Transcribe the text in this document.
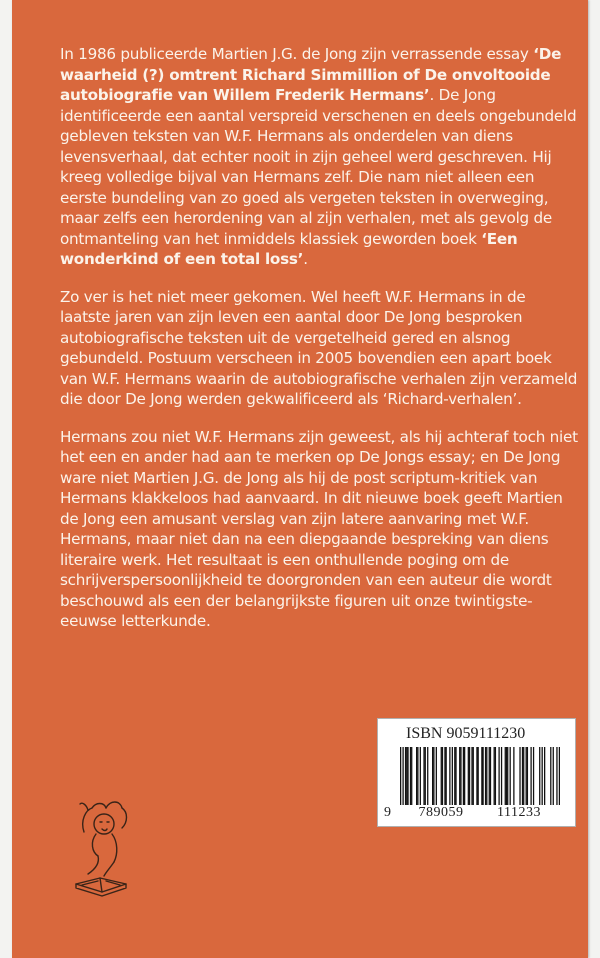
In 1986 publiceerde Martien J.G. de Jong zijn verrassende essay ‘De waarheid (?) omtrent Richard Simmillion of De onvoltooide autobiografie van Willem Frederik Hermans’. De Jong identificeerde een aantal verspreid verschenen en deels ongebundeld gebleven teksten van W.F. Hermans als onderdelen van diens levensverhaal, dat echter nooit in zijn geheel werd geschreven. Hij kreeg volledige bijval van Hermans zelf. Die nam niet alleen een eerste bundeling van zo goed als vergeten teksten in overweging, maar zelfs een herordening van al zijn verhalen, met als gevolg de ontmanteling van het inmiddels klassiek geworden boek ‘Een wonderkind of een total loss’.

Zo ver is het niet meer gekomen. Wel heeft W.F. Hermans in de laatste jaren van zijn leven een aantal door De Jong besproken autobiografische teksten uit de vergetelheid gered en alsnog gebundeld. Postuum verscheen in 2005 bovendien een apart boek van W.F. Hermans waarin de autobiografische verhalen zijn verzameld die door De Jong werden gekwalificeerd als ‘Richard-verhalen’.

Hermans zou niet W.F. Hermans zijn geweest, als hij achteraf toch niet het een en ander had aan te merken op De Jongs essay; en De Jong ware niet Martien J.G. de Jong als hij de post scriptum-kritiek van Hermans klakkeloos had aanvaard. In dit nieuwe boek geeft Martien de Jong een amusant verslag van zijn latere aanvaring met W.F. Hermans, maar niet dan na een diepgaande bespreking van diens literaire werk. Het resultaat is een onthullende poging om de schrijverspersoonlijkheid te doorgronden van een auteur die wordt beschouwd als een der belangrijkste figuren uit onze twintigste-eeuwse letterkunde.

ISBN 9059111230
9 789059 111233
